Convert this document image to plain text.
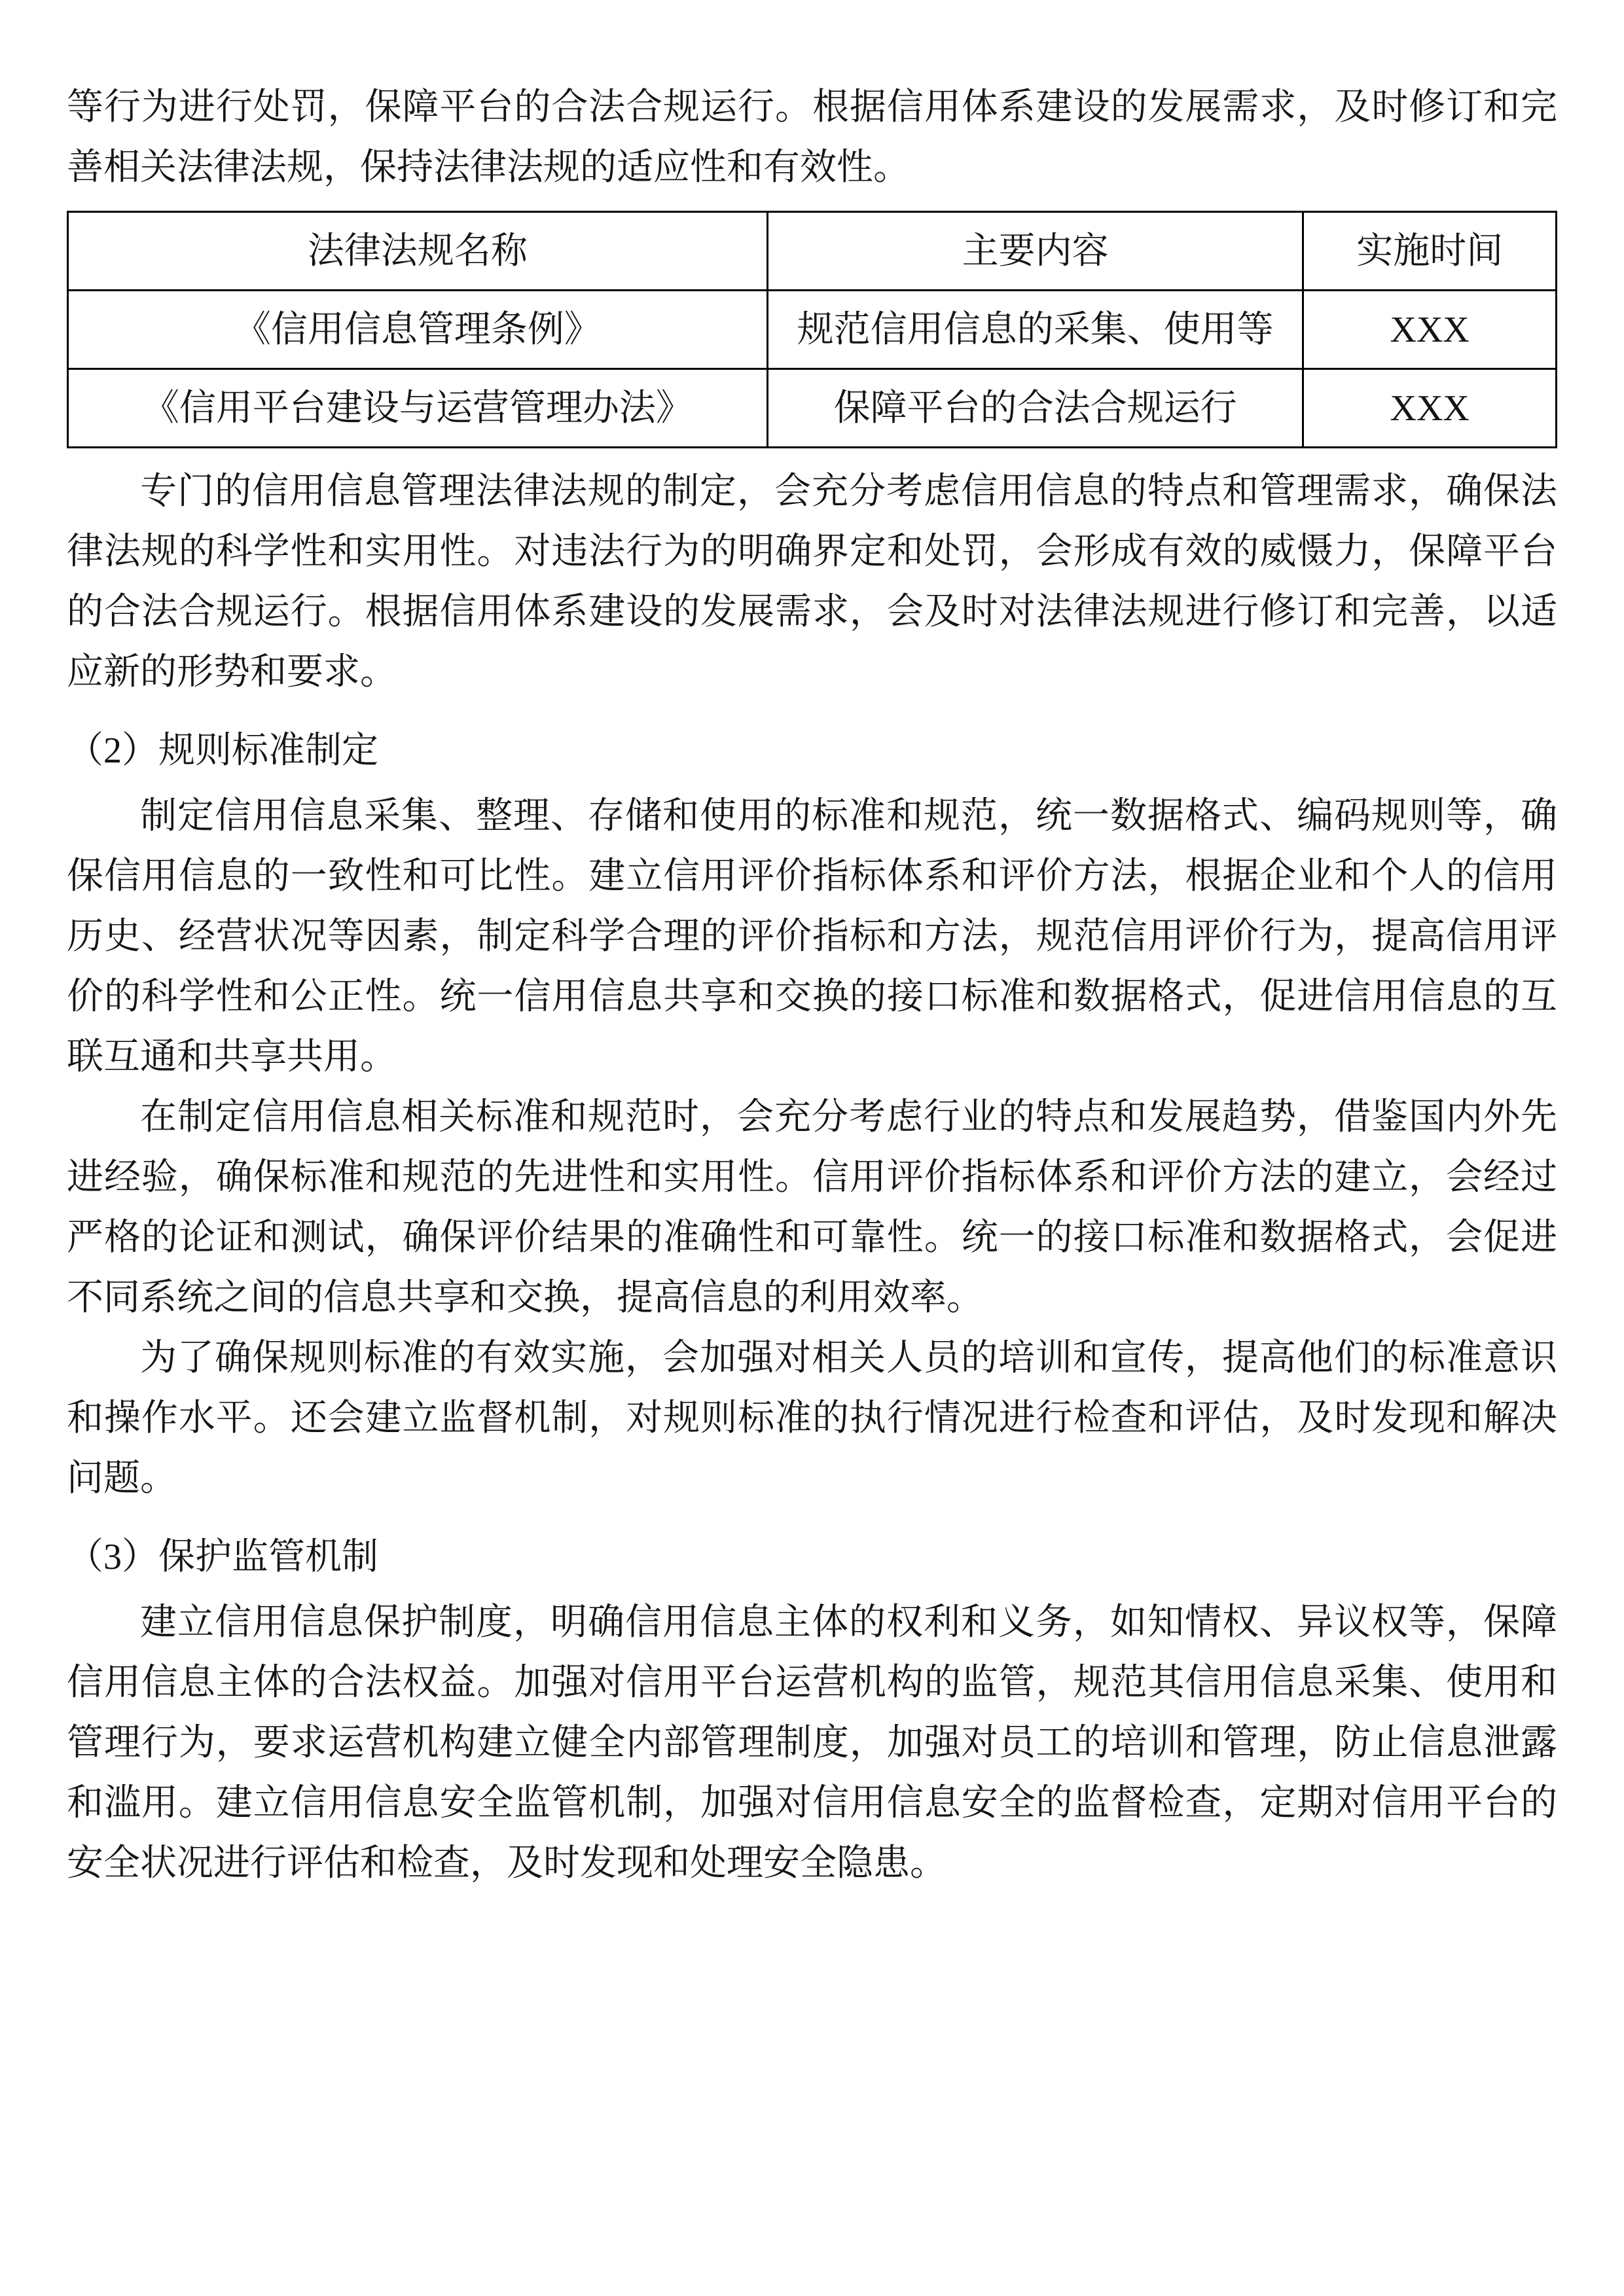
等行为进行处罚，保障平台的合法合规运行。根据信用体系建设的发展需求，及时修订和完善相关法律法规，保持法律法规的适应性和有效性。

法律法规名称	主要内容	实施时间
《信用信息管理条例》	规范信用信息的采集、使用等	XXX
《信用平台建设与运营管理办法》	保障平台的合法合规运行	XXX

专门的信用信息管理法律法规的制定，会充分考虑信用信息的特点和管理需求，确保法律法规的科学性和实用性。对违法行为的明确界定和处罚，会形成有效的威慑力，保障平台的合法合规运行。根据信用体系建设的发展需求，会及时对法律法规进行修订和完善，以适应新的形势和要求。

（2）规则标准制定

制定信用信息采集、整理、存储和使用的标准和规范，统一数据格式、编码规则等，确保信用信息的一致性和可比性。建立信用评价指标体系和评价方法，根据企业和个人的信用历史、经营状况等因素，制定科学合理的评价指标和方法，规范信用评价行为，提高信用评价的科学性和公正性。统一信用信息共享和交换的接口标准和数据格式，促进信用信息的互联互通和共享共用。

在制定信用信息相关标准和规范时，会充分考虑行业的特点和发展趋势，借鉴国内外先进经验，确保标准和规范的先进性和实用性。信用评价指标体系和评价方法的建立，会经过严格的论证和测试，确保评价结果的准确性和可靠性。统一的接口标准和数据格式，会促进不同系统之间的信息共享和交换，提高信息的利用效率。

为了确保规则标准的有效实施，会加强对相关人员的培训和宣传，提高他们的标准意识和操作水平。还会建立监督机制，对规则标准的执行情况进行检查和评估，及时发现和解决问题。

（3）保护监管机制

建立信用信息保护制度，明确信用信息主体的权利和义务，如知情权、异议权等，保障信用信息主体的合法权益。加强对信用平台运营机构的监管，规范其信用信息采集、使用和管理行为，要求运营机构建立健全内部管理制度，加强对员工的培训和管理，防止信息泄露和滥用。建立信用信息安全监管机制，加强对信用信息安全的监督检查，定期对信用平台的安全状况进行评估和检查，及时发现和处理安全隐患。
